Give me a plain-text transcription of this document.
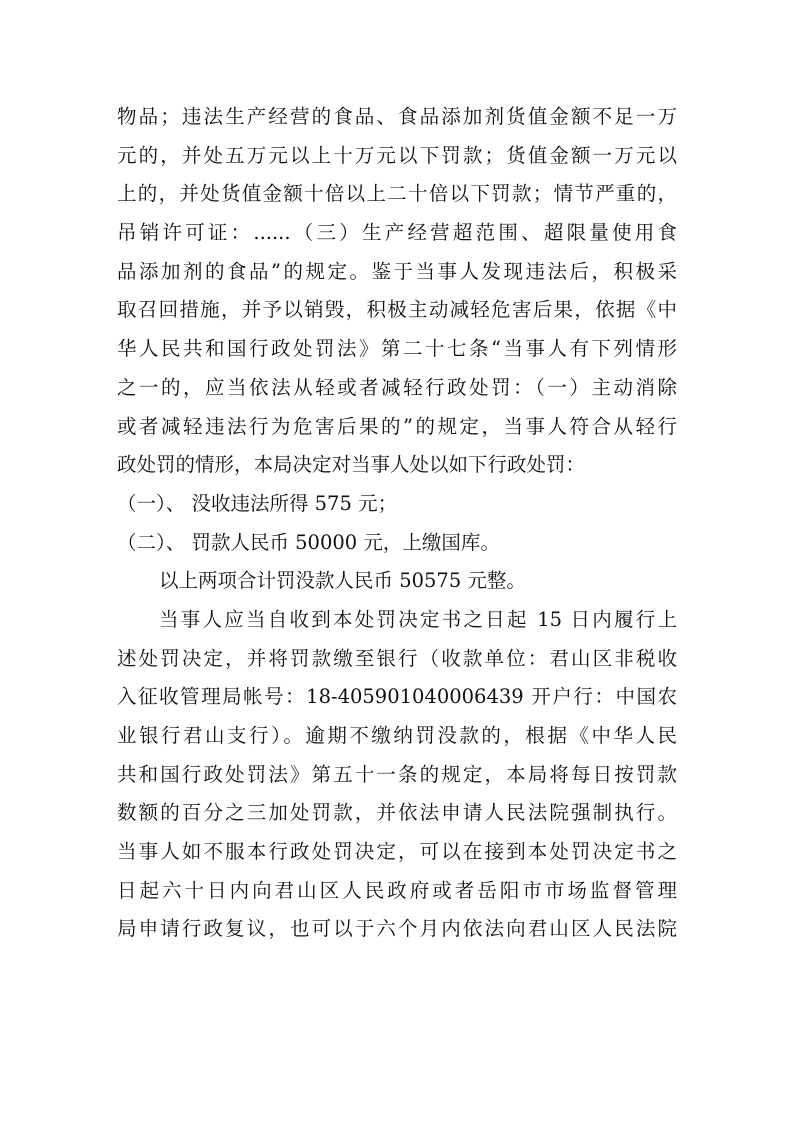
物品；违法生产经营的食品、食品添加剂货值金额不足一万
元的，并处五万元以上十万元以下罚款；货值金额一万元以
上的，并处货值金额十倍以上二十倍以下罚款；情节严重的，
吊销许可证：......（三）生产经营超范围、超限量使用食
品添加剂的食品”的规定。鉴于当事人发现违法后，积极采
取召回措施，并予以销毁，积极主动减轻危害后果，依据《中
华人民共和国行政处罚法》第二十七条“当事人有下列情形
之一的，应当依法从轻或者减轻行政处罚：（一）主动消除
或者减轻违法行为危害后果的”的规定，当事人符合从轻行
政处罚的情形，本局决定对当事人处以如下行政处罚：
（一）、 没收违法所得 575 元；
（二）、 罚款人民币 50000 元，上缴国库。
以上两项合计罚没款人民币 50575 元整。
当事人应当自收到本处罚决定书之日起 15 日内履行上
述处罚决定，并将罚款缴至银行（收款单位：君山区非税收
入征收管理局帐号：18-405901040006439 开户行：中国农
业银行君山支行）。逾期不缴纳罚没款的，根据《中华人民
共和国行政处罚法》第五十一条的规定，本局将每日按罚款
数额的百分之三加处罚款，并依法申请人民法院强制执行。
当事人如不服本行政处罚决定，可以在接到本处罚决定书之
日起六十日内向君山区人民政府或者岳阳市市场监督管理
局申请行政复议，也可以于六个月内依法向君山区人民法院
